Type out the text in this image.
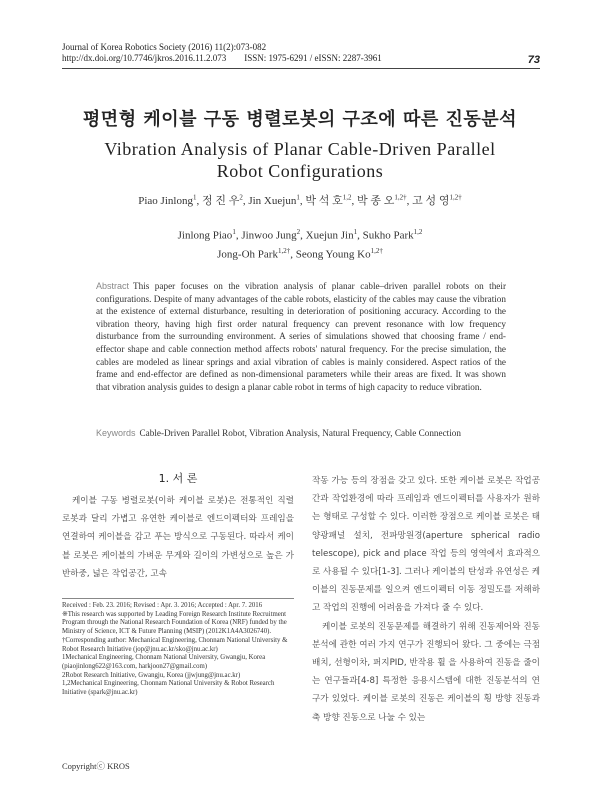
Journal of Korea Robotics Society (2016) 11(2):073-082
http://dx.doi.org/10.7746/jkros.2016.11.2.073 ISSN: 1975-6291 / eISSN: 2287-3961	73
평면형 케이블 구동 병렬로봇의 구조에 따른 진동분석
Vibration Analysis of Planar Cable-Driven Parallel
Robot Configurations
Piao Jinlong$^1$, 정 진 우$^2$, Jin Xuejun$^1$, 박 석 호$^{1,2}$, 박 종 오$^{1,2\dagger}$, 고 성 영$^{1,2\dagger}$
Jinlong Piao$^1$, Jinwoo Jung$^2$, Xuejun Jin$^1$, Sukho Park$^{1,2}$
Jong-Oh Park$^{1,2\dagger}$, Seong Young $Ko^{1,2\dagger}$
Abstract This paper focuses on the vibration analysis of planar cable–driven parallel robots on their configurations. Despite of many advantages of the cable robots, elasticity of the cables may cause the vibration at the existence of external disturbance, resulting in deterioration of positioning accuracy. According to the vibration theory, having high first order natural frequency can prevent resonance with low frequency disturbance from the surrounding environment. A series of simulations showed that choosing frame / end-effector shape and cable connection method affects robots' natural frequency. For the precise simulation, the cables are modeled as linear springs and axial vibration of cables is mainly considered. Aspect ratios of the frame and end-effector are defined as non-dimensional parameters while their areas are fixed. It was shown that vibration analysis guides to design a planar cable robot in terms of high capacity to reduce vibration.
Keywords Cable-Driven Parallel Robot, Vibration Analysis, Natural Frequency, Cable Connection
1. 서 론
케이블 구동 병렬로봇(이하 케이블 로봇)은 전통적인 직렬 로봇과 달리 가볍고 유연한 케이블로 엔드이펙터와 프레임을 연결하여 케이블을 감고 푸는 방식으로 구동된다. 따라서 케이블 로봇은 케이블의 가벼운 무게와 길이의 가변성으로 높은 가반하중, 넓은 작업공간, 고속
작동 가능 등의 장점을 갖고 있다. 또한 케이블 로봇은 작업공간과 작업환경에 따라 프레임과 엔드이펙터를 사용자가 원하는 형태로 구성할 수 있다. 이러한 장점으로 케이블 로봇은 태양광패널 설치, 전파망원경(aperture spherical radio telescope), pick and place 작업 등의 영역에서 효과적으로 사용될 수 있다[1-3]. 그러나 케이블의 탄성과 유연성은 케이블의 진동문제를 일으켜 엔드이펙터 이동 정밀도를 저해하고 작업의 진행에 어려움을 가져다 줄 수 있다.
케이블 로봇의 진동문제를 해결하기 위해 진동제어와 진동분석에 관한 여러 가지 연구가 진행되어 왔다. 그 중에는 극점배치, 선형이차, 퍼지PID, 반작용 휠 을 사용하여 진동을 줄이는 연구들과[4-8] 특정한 응용시스템에 대한 진동분석의 연구가 있었다. 케이블 로봇의 진동은 케이블의 횡 방향 진동과 축 방향 진동으로 나눌 수 있는

Received : Feb. 23. 2016; Revised : Apr. 3. 2016; Accepted : Apr. 7. 2016

※This research was supported by Leading Foreign Research Institute Recruitment Program through the National Research Foundation of Korea (NRF) funded by the Ministry of Science, ICT & Future Planning (MSIP) (2012K1A4A3026740).

†Corresponding author: Mechanical Engineering, Chonnam National University & Robot Research Initiative (jop@jnu.ac.kr/sko@jnu.ac.kr)

1Mechanical Engineering, Chonnam National University, Gwangju, Korea (piaojinlong622@163.com, harkjoon27@gmail.com)

2Robot Research Initiative, Gwangju, Korea (jjwjung@jnu.ac.kr)

1,2Mechanical Engineering, Chonnam National University & Robot Research Initiative (spark@jnu.ac.kr)

Copyrightⓒ KROS
